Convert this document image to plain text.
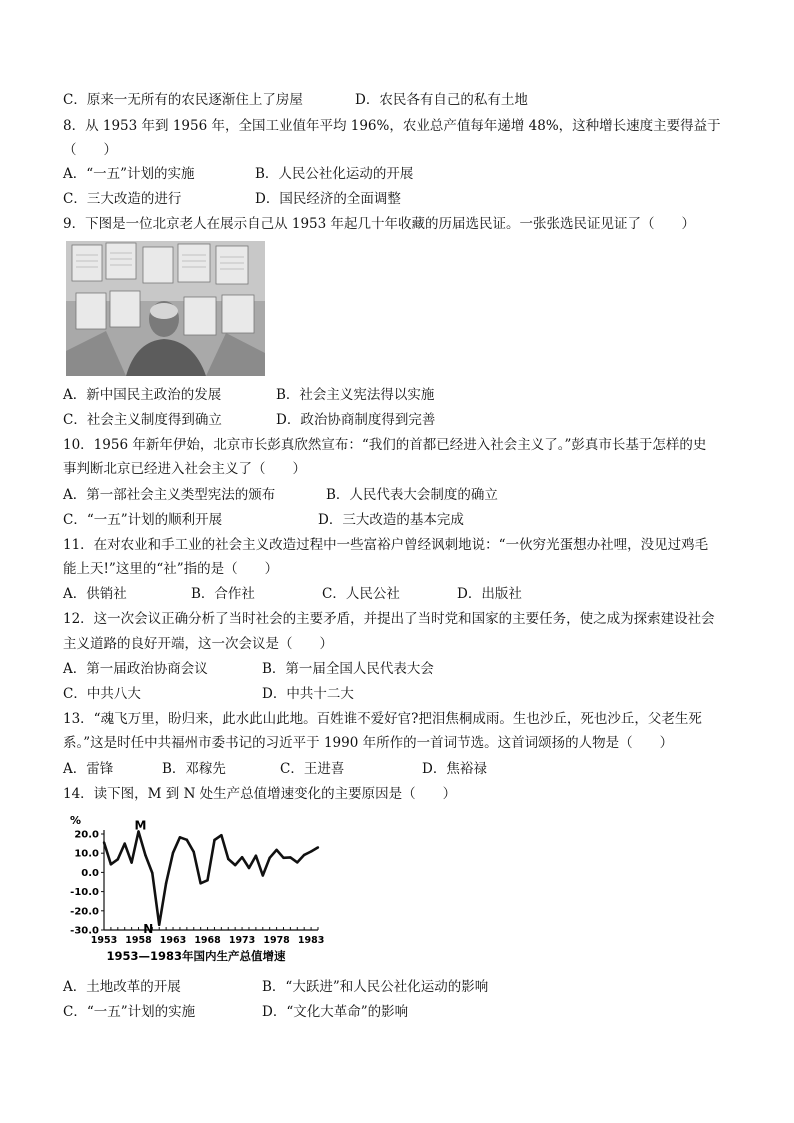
C．原来一无所有的农民逐渐住上了房屋	D．农民各有自己的私有土地
8．从 1953 年到 1956 年，全国工业值年平均 196%，农业总产值每年递增 48%，这种增长速度主要得益于
（　　）
A．“一五”计划的实施	B．人民公社化运动的开展
C．三大改造的进行	D．国民经济的全面调整
9．下图是一位北京老人在展示自己从 1953 年起几十年收藏的历届选民证。一张张选民证见证了（　　）
A．新中国民主政治的发展	B．社会主义宪法得以实施
C．社会主义制度得到确立	D．政治协商制度得到完善
10．1956 年新年伊始，北京市长彭真欣然宣布：“我们的首都已经进入社会主义了。”彭真市长基于怎样的史
事判断北京已经进入社会主义了（　　）
A．第一部社会主义类型宪法的颁布	B．人民代表大会制度的确立
C．“一五”计划的顺利开展	D．三大改造的基本完成
11．在对农业和手工业的社会主义改造过程中一些富裕户曾经讽刺地说：“一伙穷光蛋想办社哩，没见过鸡毛
能上天!”这里的“社”指的是（　　）
A．供销社	B．合作社	C．人民公社	D．出版社
12．这一次会议正确分析了当时社会的主要矛盾，并提出了当时党和国家的主要任务，使之成为探索建设社会
主义道路的良好开端，这一次会议是（　　）
A．第一届政治协商会议	B．第一届全国人民代表大会
C．中共八大	D．中共十二大
13．“魂飞万里，盼归来，此水此山此地。百姓谁不爱好官?把泪焦桐成雨。生也沙丘，死也沙丘，父老生死
系。”这是时任中共福州市委书记的习近平于 1990 年所作的一首词节选。这首词颂扬的人物是（　　）
A．雷锋	B．邓稼先	C．王进喜	D．焦裕禄
14．读下图，M 到 N 处生产总值增速变化的主要原因是（　　）
%
20.0
10.0
0.0
-10.0
-20.0
-30.0
1953 1958 1963 1968 1973 1978 1983
M
N
1953—1983年国内生产总值增速
A．土地改革的开展	B．“大跃进”和人民公社化运动的影响
C．“一五”计划的实施	D．“文化大革命”的影响
